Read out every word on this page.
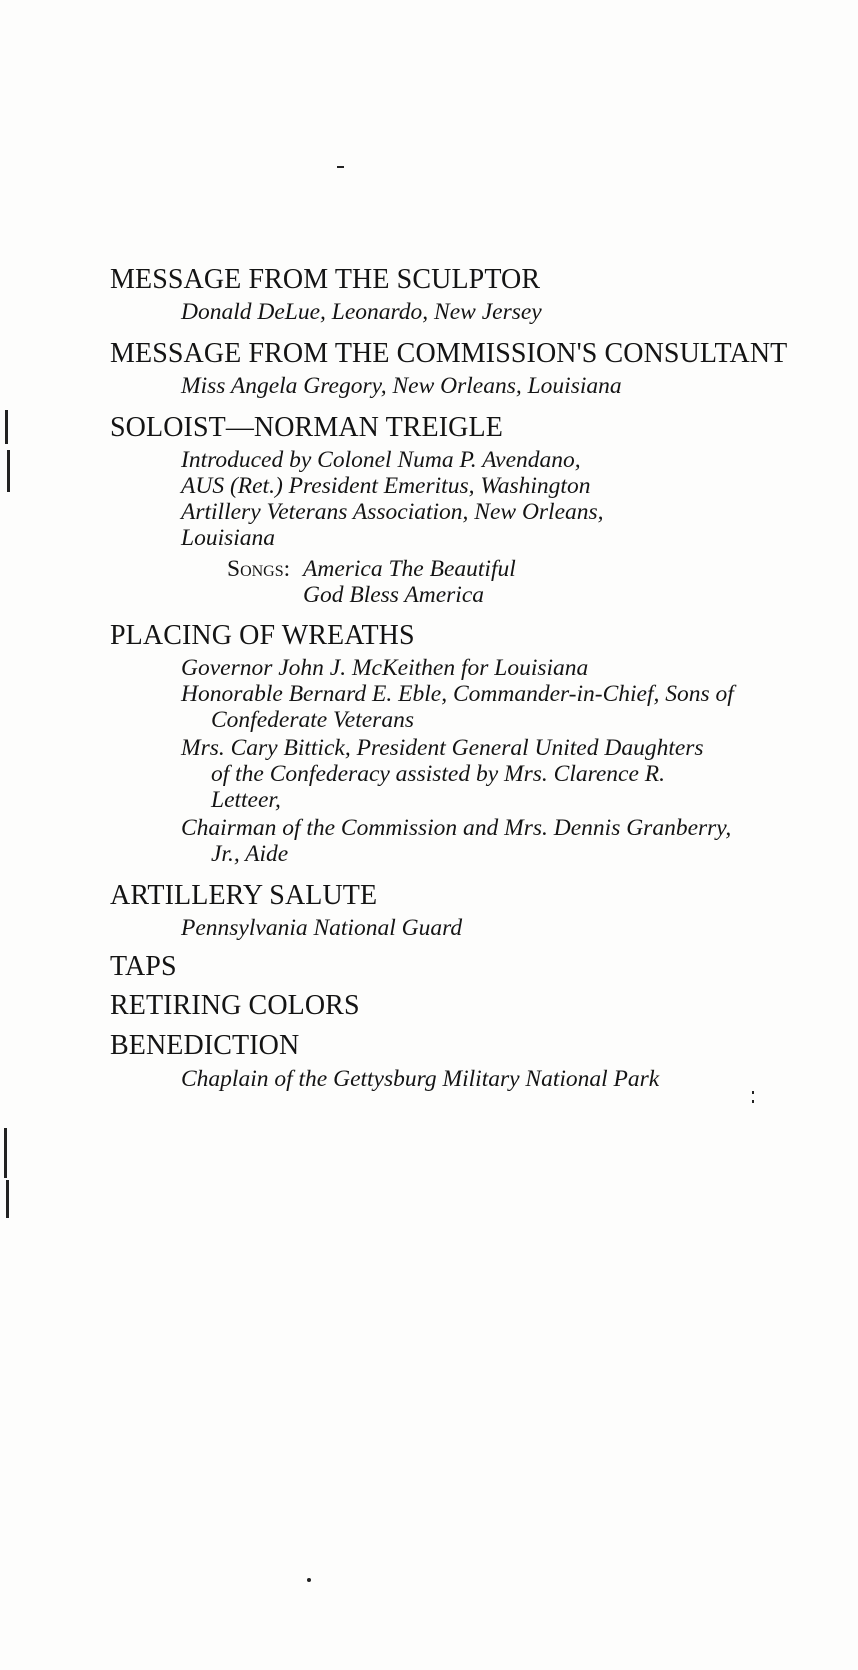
MESSAGE FROM THE SCULPTOR
Donald DeLue, Leonardo, New Jersey
MESSAGE FROM THE COMMISSION'S CONSULTANT
Miss Angela Gregory, New Orleans, Louisiana
SOLOIST—NORMAN TREIGLE
Introduced by Colonel Numa P. Avendano,
AUS (Ret.) President Emeritus, Washington
Artillery Veterans Association, New Orleans,
Louisiana
Songs: America The Beautiful
God Bless America
PLACING OF WREATHS
Governor John J. McKeithen for Louisiana
Honorable Bernard E. Eble, Commander-in-Chief, Sons of
Confederate Veterans
Mrs. Cary Bittick, President General United Daughters
of the Confederacy assisted by Mrs. Clarence R.
Letteer,
Chairman of the Commission and Mrs. Dennis Granberry,
Jr., Aide
ARTILLERY SALUTE
Pennsylvania National Guard
TAPS
RETIRING COLORS
BENEDICTION
Chaplain of the Gettysburg Military National Park
